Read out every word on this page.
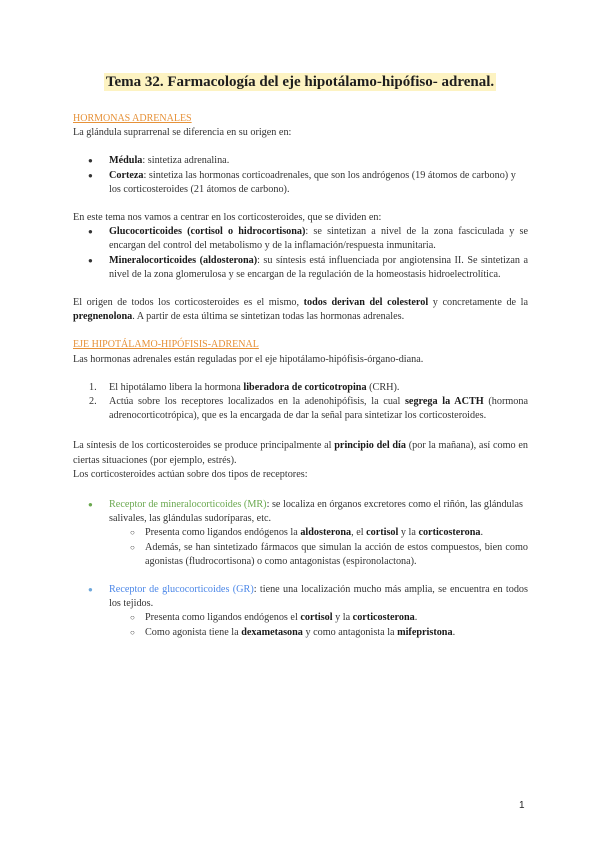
Tema 32. Farmacología del eje hipotálamo-hipófiso- adrenal.

HORMONAS ADRENALES

La glándula suprarrenal se diferencia en su origen en:

● Médula: sintetiza adrenalina.
● Corteza: sintetiza las hormonas corticoadrenales, que son los andrógenos (19 átomos de carbono) y los corticosteroides (21 átomos de carbono).

En este tema nos vamos a centrar en los corticosteroides, que se dividen en:

● Glucocorticoides (cortisol o hidrocortisona): se sintetizan a nivel de la zona fasciculada y se encargan del control del metabolismo y de la inflamación/respuesta inmunitaria.
● Mineralocorticoides (aldosterona): su síntesis está influenciada por angiotensina II. Se sintetizan a nivel de la zona glomerulosa y se encargan de la regulación de la homeostasis hidroelectrolítica.

El origen de todos los corticosteroides es el mismo, todos derivan del colesterol y concretamente de la pregnenolona. A partir de esta última se sintetizan todas las hormonas adrenales.

EJE HIPOTÁLAMO-HIPÓFISIS-ADRENAL

Las hormonas adrenales están reguladas por el eje hipotálamo-hipófisis-órgano-diana.

1. El hipotálamo libera la hormona liberadora de corticotropina (CRH).
2. Actúa sobre los receptores localizados en la adenohipófisis, la cual segrega la ACTH (hormona adrenocorticotrópica), que es la encargada de dar la señal para sintetizar los corticosteroides.

La síntesis de los corticosteroides se produce principalmente al principio del día (por la mañana), así como en ciertas situaciones (por ejemplo, estrés).

Los corticosteroides actúan sobre dos tipos de receptores:

● Receptor de mineralocorticoides (MR): se localiza en órganos excretores como el riñón, las glándulas salivales, las glándulas sudoríparas, etc.
○ Presenta como ligandos endógenos la aldosterona, el cortisol y la corticosterona.
○ Además, se han sintetizado fármacos que simulan la acción de estos compuestos, bien como agonistas (fludrocortisona) o como antagonistas (espironolactona).
● Receptor de glucocorticoides (GR): tiene una localización mucho más amplia, se encuentra en todos los tejidos.
○ Presenta como ligandos endógenos el cortisol y la corticosterona.
○ Como agonista tiene la dexametasona y como antagonista la mifepristona.
1
